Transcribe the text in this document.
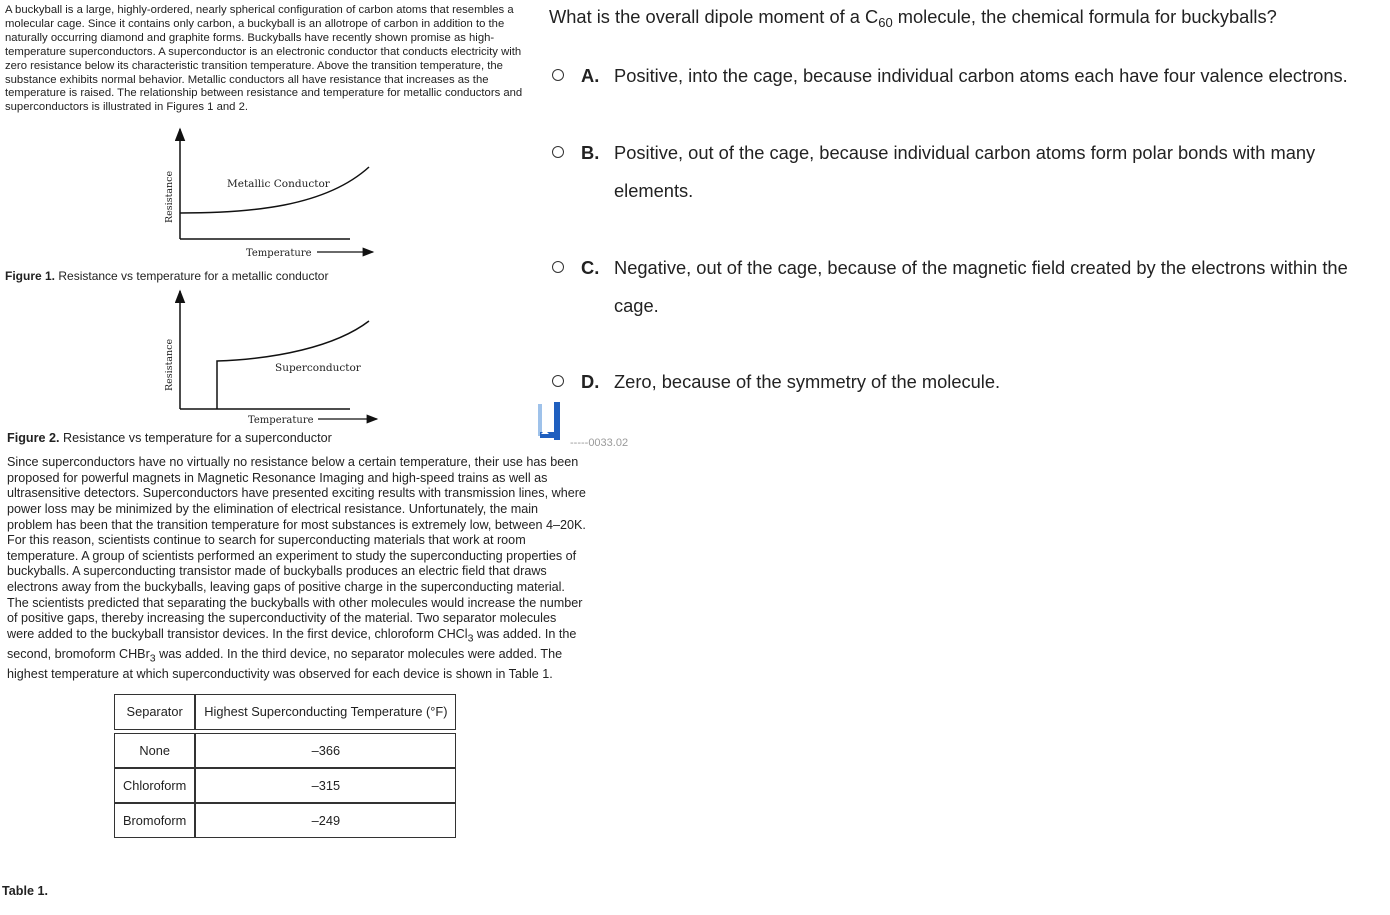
A buckyball is a large, highly-ordered, nearly spherical configuration of carbon atoms that resembles a molecular cage. Since it contains only carbon, a buckyball is an allotrope of carbon in addition to the naturally occurring diamond and graphite forms. Buckyballs have recently shown promise as high-temperature superconductors. A superconductor is an electronic conductor that conducts electricity with zero resistance below its characteristic transition temperature. Above the transition temperature, the substance exhibits normal behavior. Metallic conductors all have resistance that increases as the temperature is raised. The relationship between resistance and temperature for metallic conductors and superconductors is illustrated in Figures 1 and 2.

Metallic Conductor
Temperature
Resistance

Figure 1. Resistance vs temperature for a metallic conductor

Superconductor
Temperature
Resistance

Figure 2. Resistance vs temperature for a superconductor

Since superconductors have no virtually no resistance below a certain temperature, their use has been proposed for powerful magnets in Magnetic Resonance Imaging and high-speed trains as well as ultrasensitive detectors. Superconductors have presented exciting results with transmission lines, where power loss may be minimized by the elimination of electrical resistance. Unfortunately, the main problem has been that the transition temperature for most substances is extremely low, between 4–20K. For this reason, scientists continue to search for superconducting materials that work at room temperature. A group of scientists performed an experiment to study the superconducting properties of buckyballs. A superconducting transistor made of buckyballs produces an electric field that draws electrons away from the buckyballs, leaving gaps of positive charge in the superconducting material. The scientists predicted that separating the buckyballs with other molecules would increase the number of positive gaps, thereby increasing the superconductivity of the material. Two separator molecules were added to the buckyball transistor devices. In the first device, chloroform CHCl$_3$ was added. In the second, bromoform CHBr$_3$ was added. In the third device, no separator molecules were added. The highest temperature at which superconductivity was observed for each device is shown in Table 1.

Separator	Highest Superconducting Temperature (°F)

None	–366
Chloroform	–315
Bromoform	–249
Table 1.
What is the overall dipole moment of a $C_{60}$ molecule, the chemical formula for buckyballs?
A. Positive, into the cage, because individual carbon atoms each have four valence electrons.
B. Positive, out of the cage, because individual carbon atoms form polar bonds with many elements.
C. Negative, out of the cage, because of the magnetic field created by the electrons within the cage.
D. Zero, because of the symmetry of the molecule.
-----0033.02
